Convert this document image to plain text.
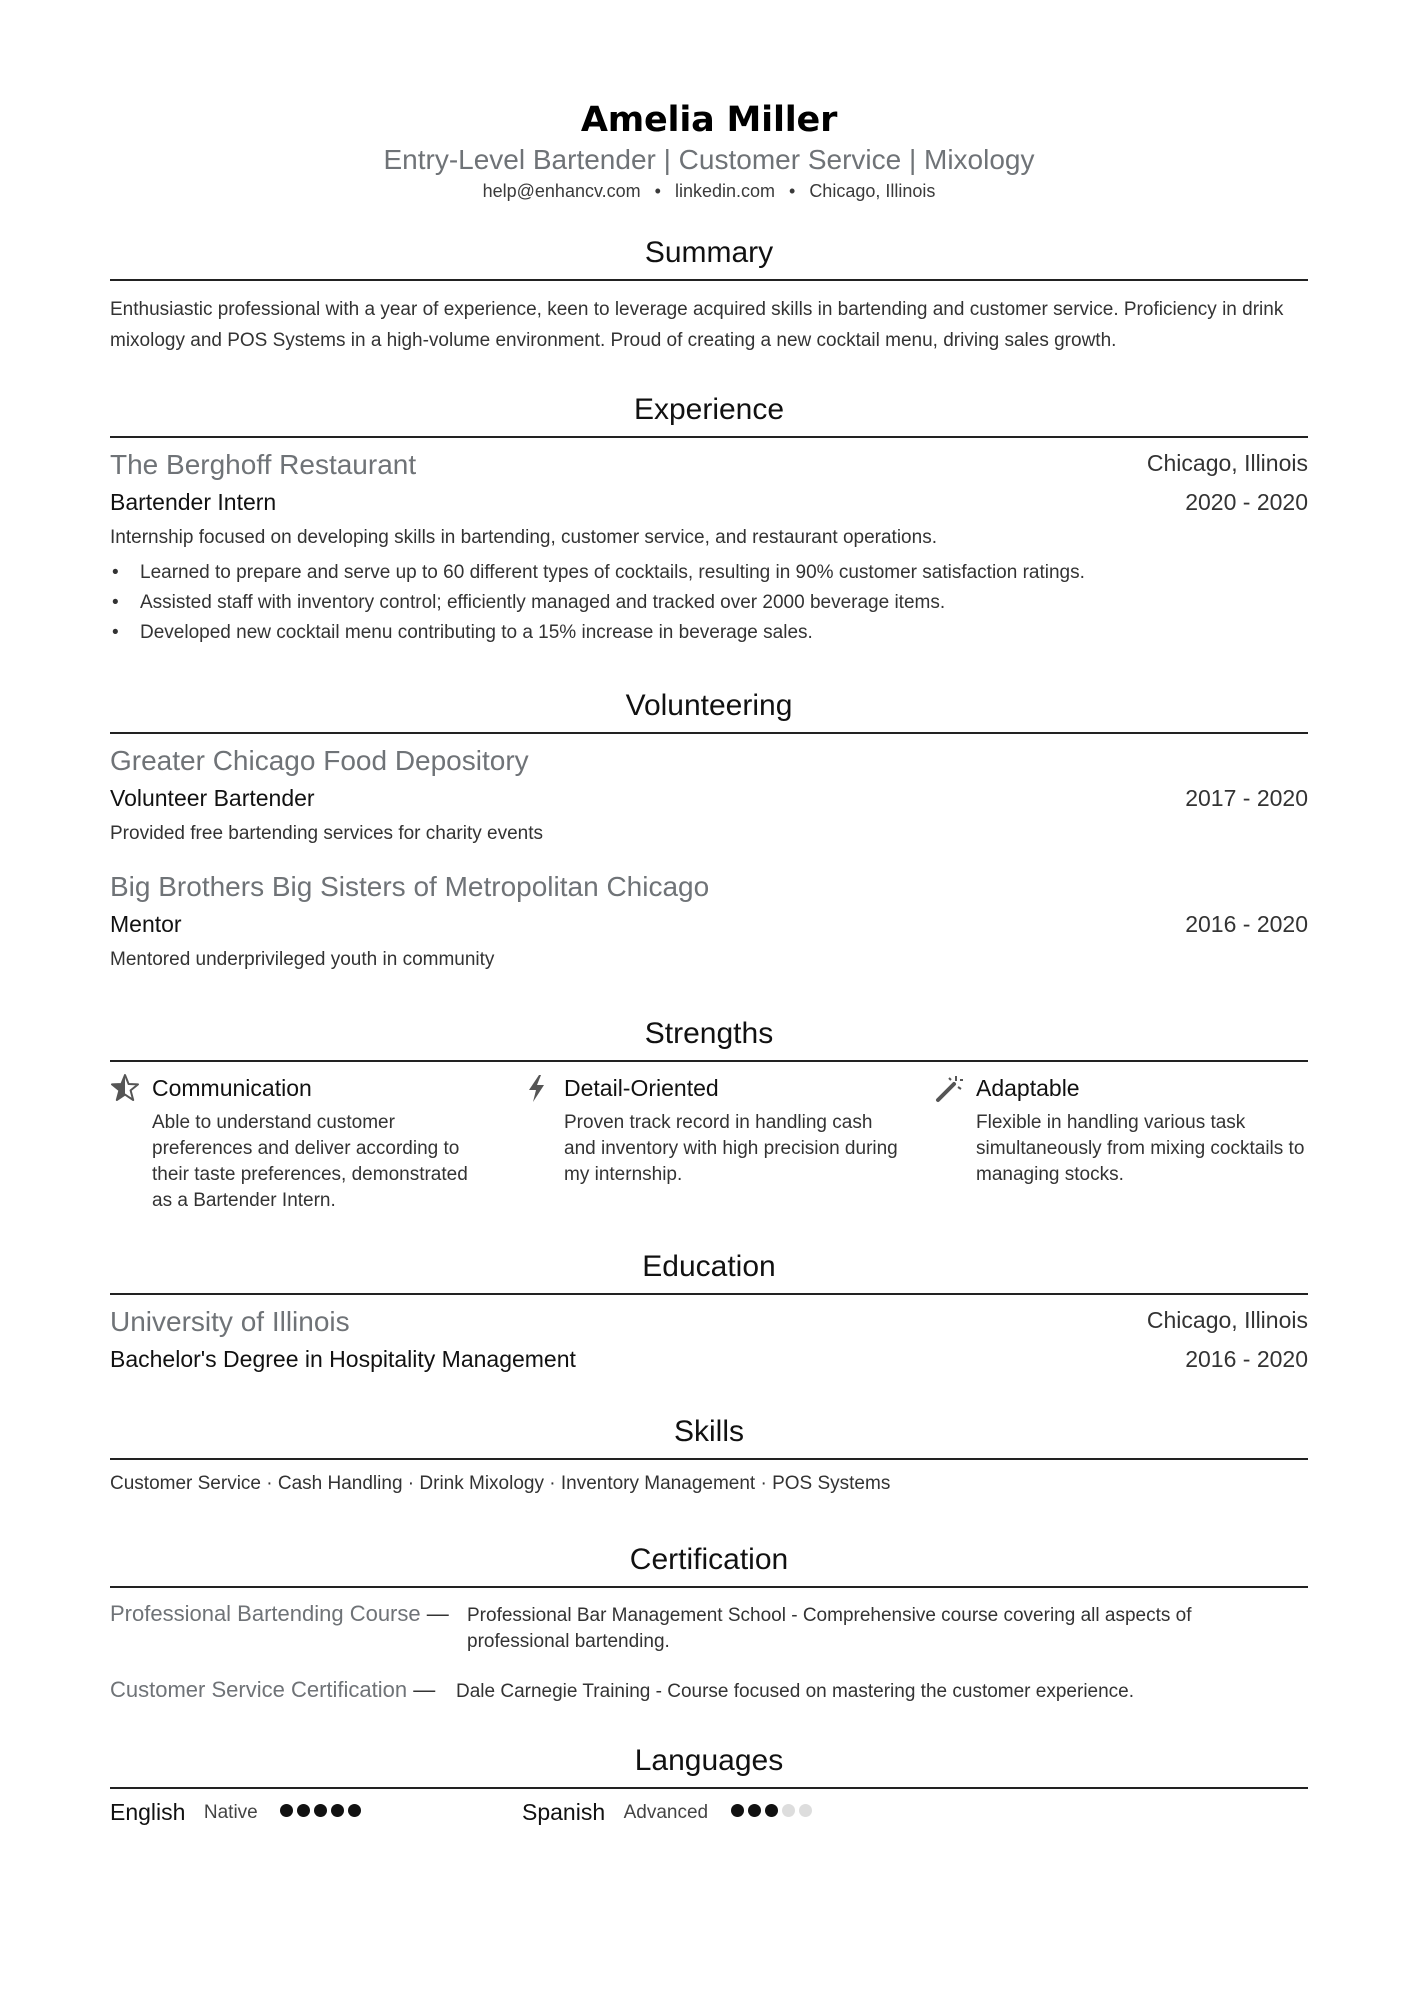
Amelia Miller
Entry-Level Bartender | Customer Service | Mixology
help@enhancv.com • linkedin.com • Chicago, Illinois
Summary
Enthusiastic professional with a year of experience, keen to leverage acquired skills in bartending and customer service. Proficiency in drink mixology and POS Systems in a high-volume environment. Proud of creating a new cocktail menu, driving sales growth.
Experience
The Berghoff Restaurant	Chicago, Illinois
Bartender Intern	2020 - 2020
Internship focused on developing skills in bartending, customer service, and restaurant operations.
• Learned to prepare and serve up to 60 different types of cocktails, resulting in 90% customer satisfaction ratings.
• Assisted staff with inventory control; efficiently managed and tracked over 2000 beverage items.
• Developed new cocktail menu contributing to a 15% increase in beverage sales.
Volunteering
Greater Chicago Food Depository
Volunteer Bartender	2017 - 2020
Provided free bartending services for charity events
Big Brothers Big Sisters of Metropolitan Chicago
Mentor	2016 - 2020
Mentored underprivileged youth in community
Strengths
Communication
Able to understand customer preferences and deliver according to their taste preferences, demonstrated as a Bartender Intern.
Detail-Oriented
Proven track record in handling cash and inventory with high precision during my internship.
Adaptable
Flexible in handling various task simultaneously from mixing cocktails to managing stocks.
Education
University of Illinois	Chicago, Illinois
Bachelor's Degree in Hospitality Management	2016 - 2020
Skills
Customer Service · Cash Handling · Drink Mixology · Inventory Management · POS Systems
Certification
Professional Bartending Course — Professional Bar Management School - Comprehensive course covering all aspects of professional bartending.
Customer Service Certification — Dale Carnegie Training - Course focused on mastering the customer experience.
Languages
English Native	Spanish Advanced
